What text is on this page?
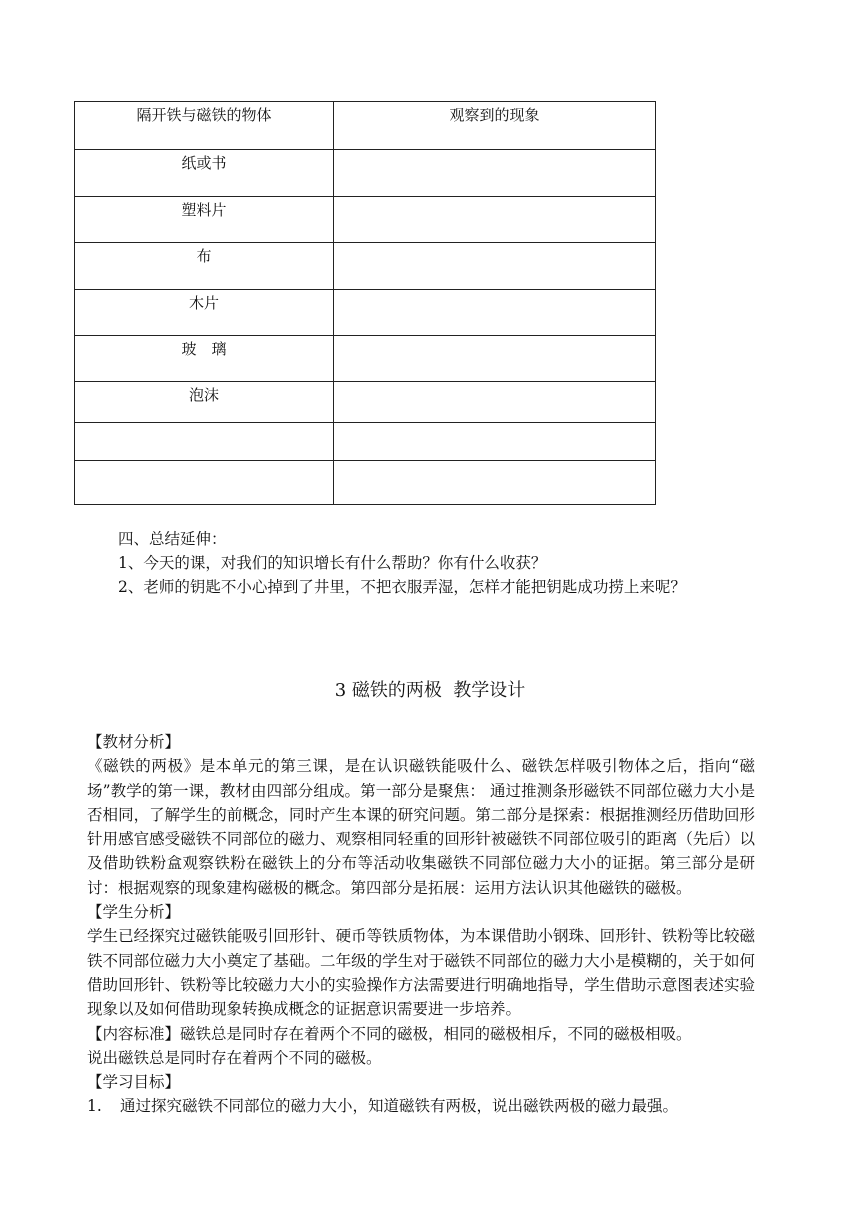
隔开铁与磁铁的物体	观察到的现象

纸或书	

塑料片	

布	

木片	

玻　璃	

泡沫	

四、总结延伸：

1、今天的课，对我们的知识增长有什么帮助？你有什么收获？

2、老师的钥匙不小心掉到了井里，不把衣服弄湿，怎样才能把钥匙成功捞上来呢？

3 磁铁的两极  教学设计

【教材分析】

《磁铁的两极》是本单元的第三课，是在认识磁铁能吸什么、磁铁怎样吸引物体之后，指向“磁场”教学的第一课，教材由四部分组成。第一部分是聚焦： 通过推测条形磁铁不同部位磁力大小是否相同，了解学生的前概念，同时产生本课的研究问题。第二部分是探索：根据推测经历借助回形针用感官感受磁铁不同部位的磁力、观察相同轻重的回形针被磁铁不同部位吸引的距离（先后）以及借助铁粉盒观察铁粉在磁铁上的分布等活动收集磁铁不同部位磁力大小的证据。第三部分是研讨：根据观察的现象建构磁极的概念。第四部分是拓展：运用方法认识其他磁铁的磁极。

【学生分析】

学生已经探究过磁铁能吸引回形针、硬币等铁质物体，为本课借助小钢珠、回形针、铁粉等比较磁铁不同部位磁力大小奠定了基础。二年级的学生对于磁铁不同部位的磁力大小是模糊的，关于如何借助回形针、铁粉等比较磁力大小的实验操作方法需要进行明确地指导，学生借助示意图表述实验现象以及如何借助现象转换成概念的证据意识需要进一步培养。

【内容标准】磁铁总是同时存在着两个不同的磁极，相同的磁极相斥，不同的磁极相吸。

说出磁铁总是同时存在着两个不同的磁极。

【学习目标】

1.	通过探究磁铁不同部位的磁力大小，知道磁铁有两极，说出磁铁两极的磁力最强。
